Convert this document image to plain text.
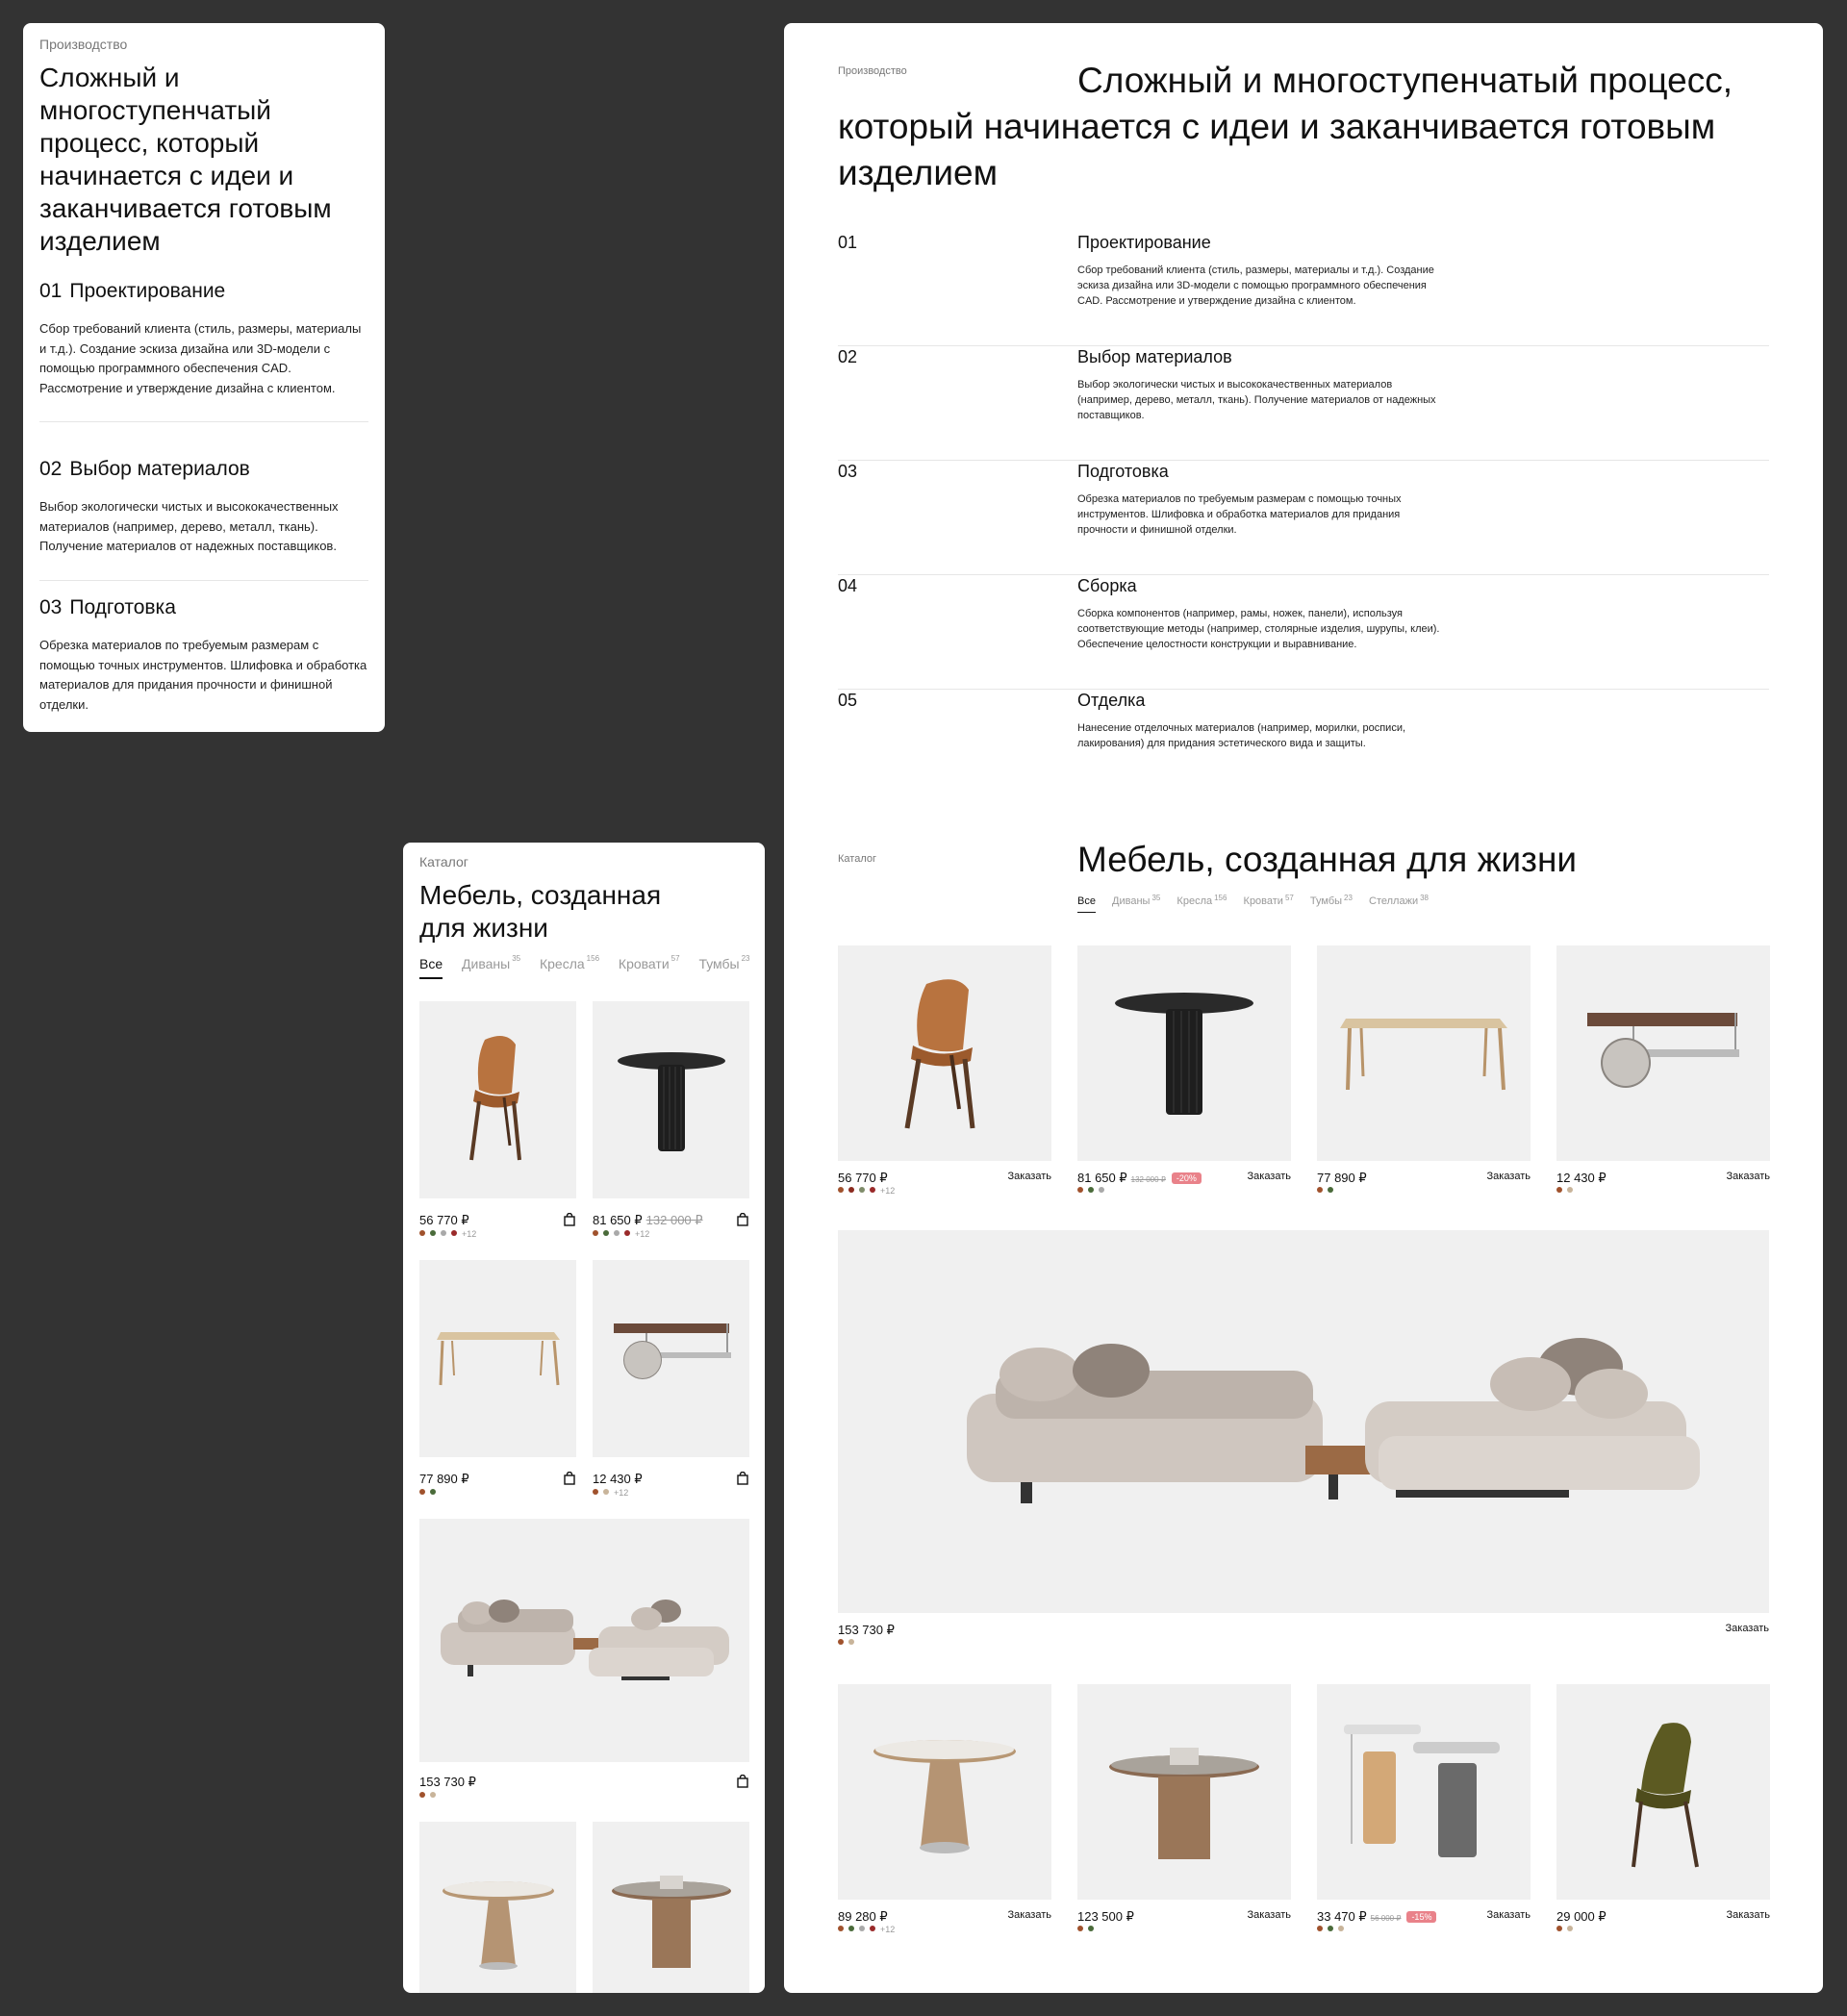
Производство
Сложный и многоступенчатый процесс, который начинается с идеи и заканчивается готовым изделием
01 Проектирование
Сбор требований клиента (стиль, размеры, материалы и т.д.). Создание эскиза дизайна или 3D-модели с помощью программного обеспечения CAD. Рассмотрение и утверждение дизайна с клиентом.
02 Выбор материалов
Выбор экологически чистых и высококачественных материалов (например, дерево, металл, ткань). Получение материалов от надежных поставщиков.
03 Подготовка
Обрезка материалов по требуемым размерам с помощью точных инструментов. Шлифовка и обработка материалов для придания прочности и финишной отделки.
Каталог
Мебель, созданная
для жизни
Все Диваны $^{35}$ Кресла $^{156}$ Кровати $^{57}$ Тумбы $^{23}$
56 770 ₽
+12
81 650 ₽ 132 000 ₽
+12
77 890 ₽	12 430 ₽
+12
153 730 ₽
Производство	Сложный и многоступенчатый процесс, который начинается с идеи и заканчивается готовым изделием
01	Проектирование
Сбор требований клиента (стиль, размеры, материалы и т.д.). Создание эскиза дизайна или 3D-модели с помощью программного обеспечения CAD. Рассмотрение и утверждение дизайна с клиентом.
02	Выбор материалов
Выбор экологически чистых и высококачественных материалов (например, дерево, металл, ткань). Получение материалов от надежных поставщиков.
03	Подготовка
Обрезка материалов по требуемым размерам с помощью точных инструментов. Шлифовка и обработка материалов для придания прочности и финишной отделки.
04	Сборка
Сборка компонентов (например, рамы, ножек, панели), используя соответствующие методы (например, столярные изделия, шурупы, клеи). Обеспечение целостности конструкции и выравнивание.
05	Отделка
Нанесение отделочных материалов (например, морилки, росписи, лакирования) для придания эстетического вида и защиты.
Каталог	Мебель, созданная для жизни
Все Диваны $^{35}$ Кресла $^{156}$ Кровати $^{57}$ Тумбы $^{23}$ Стеллажи $^{38}$
56 770 ₽	Заказать
+12
81 650 ₽ 132 000 ₽ -20%	Заказать 77 890 ₽	Заказать 12 430 ₽	Заказать
153 730 ₽	Заказать
89 280 ₽	Заказать
+12
123 500 ₽	Заказать 33 470 ₽ 56 000 ₽ -15%	Заказать 29 000 ₽	Заказать
